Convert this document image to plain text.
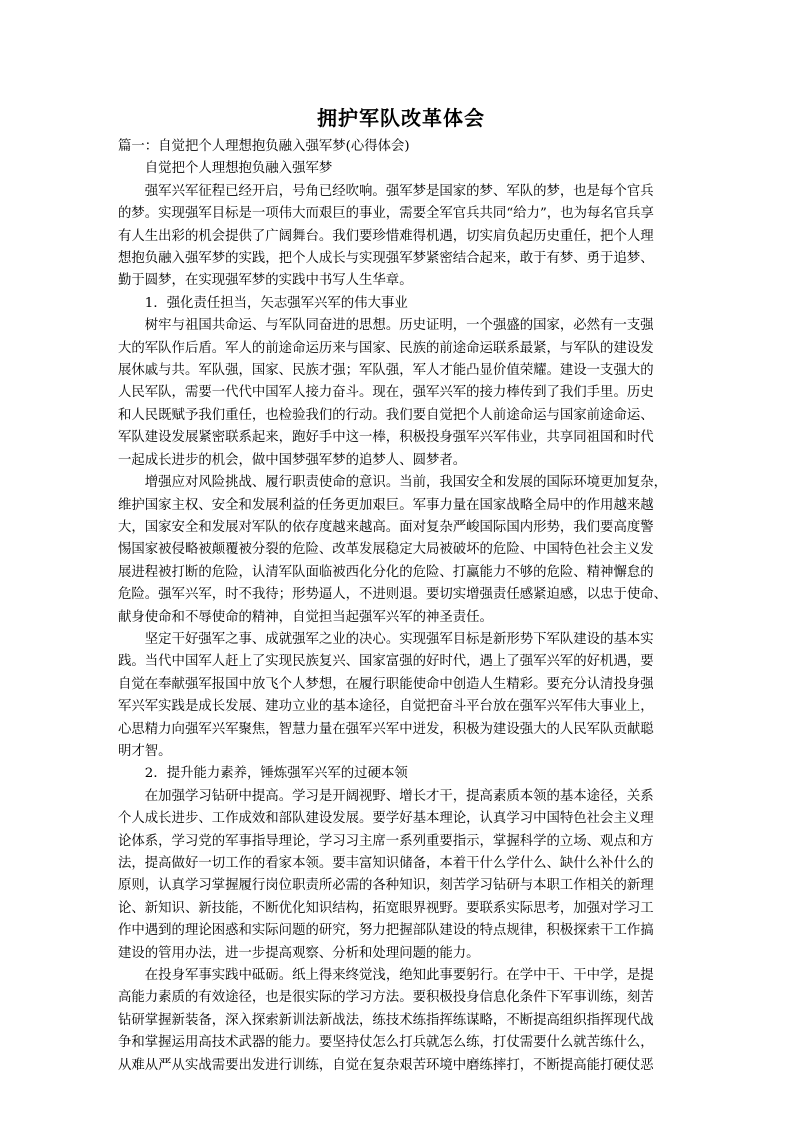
拥护军队改革体会

篇一：自觉把个人理想抱负融入强军梦(心得体会)

自觉把个人理想抱负融入强军梦

强军兴军征程已经开启，号角已经吹响。强军梦是国家的梦、军队的梦，也是每个官兵

的梦。实现强军目标是一项伟大而艰巨的事业，需要全军官兵共同“给力”，也为每名官兵享

有人生出彩的机会提供了广阔舞台。我们要珍惜难得机遇，切实肩负起历史重任，把个人理

想抱负融入强军梦的实践，把个人成长与实现强军梦紧密结合起来，敢于有梦、勇于追梦、

勤于圆梦，在实现强军梦的实践中书写人生华章。

1．强化责任担当，矢志强军兴军的伟大事业

树牢与祖国共命运、与军队同奋进的思想。历史证明，一个强盛的国家，必然有一支强

大的军队作后盾。军人的前途命运历来与国家、民族的前途命运联系最紧，与军队的建设发

展休戚与共。军队强，国家、民族才强；军队强，军人才能凸显价值荣耀。建设一支强大的

人民军队，需要一代代中国军人接力奋斗。现在，强军兴军的接力棒传到了我们手里。历史

和人民既赋予我们重任，也检验我们的行动。我们要自觉把个人前途命运与国家前途命运、

军队建设发展紧密联系起来，跑好手中这一棒，积极投身强军兴军伟业，共享同祖国和时代

一起成长进步的机会，做中国梦强军梦的追梦人、圆梦者。

增强应对风险挑战、履行职责使命的意识。当前，我国安全和发展的国际环境更加复杂，

维护国家主权、安全和发展利益的任务更加艰巨。军事力量在国家战略全局中的作用越来越

大，国家安全和发展对军队的依存度越来越高。面对复杂严峻国际国内形势，我们要高度警

惕国家被侵略被颠覆被分裂的危险、改革发展稳定大局被破坏的危险、中国特色社会主义发

展进程被打断的危险，认清军队面临被西化分化的危险、打赢能力不够的危险、精神懈怠的

危险。强军兴军，时不我待；形势逼人，不进则退。要切实增强责任感紧迫感，以忠于使命、

献身使命和不辱使命的精神，自觉担当起强军兴军的神圣责任。

坚定干好强军之事、成就强军之业的决心。实现强军目标是新形势下军队建设的基本实

践。当代中国军人赶上了实现民族复兴、国家富强的好时代，遇上了强军兴军的好机遇，要

自觉在奉献强军报国中放飞个人梦想，在履行职能使命中创造人生精彩。要充分认清投身强

军兴军实践是成长发展、建功立业的基本途径，自觉把奋斗平台放在强军兴军伟大事业上，

心思精力向强军兴军聚焦，智慧力量在强军兴军中迸发，积极为建设强大的人民军队贡献聪

明才智。

2．提升能力素养，锤炼强军兴军的过硬本领

在加强学习钻研中提高。学习是开阔视野、增长才干，提高素质本领的基本途径，关系

个人成长进步、工作成效和部队建设发展。要学好基本理论，认真学习中国特色社会主义理

论体系，学习党的军事指导理论，学习习主席一系列重要指示，掌握科学的立场、观点和方

法，提高做好一切工作的看家本领。要丰富知识储备，本着干什么学什么、缺什么补什么的

原则，认真学习掌握履行岗位职责所必需的各种知识，刻苦学习钻研与本职工作相关的新理

论、新知识、新技能，不断优化知识结构，拓宽眼界视野。要联系实际思考，加强对学习工

作中遇到的理论困惑和实际问题的研究，努力把握部队建设的特点规律，积极探索干工作搞

建设的管用办法，进一步提高观察、分析和处理问题的能力。

在投身军事实践中砥砺。纸上得来终觉浅，绝知此事要躬行。在学中干、干中学，是提

高能力素质的有效途径，也是很实际的学习方法。要积极投身信息化条件下军事训练，刻苦

钻研掌握新装备，深入探索新训法新战法，练技术练指挥练谋略，不断提高组织指挥现代战

争和掌握运用高技术武器的能力。要坚持仗怎么打兵就怎么练，打仗需要什么就苦练什么，

从难从严从实战需要出发进行训练，自觉在复杂艰苦环境中磨练摔打，不断提高能打硬仗恶
